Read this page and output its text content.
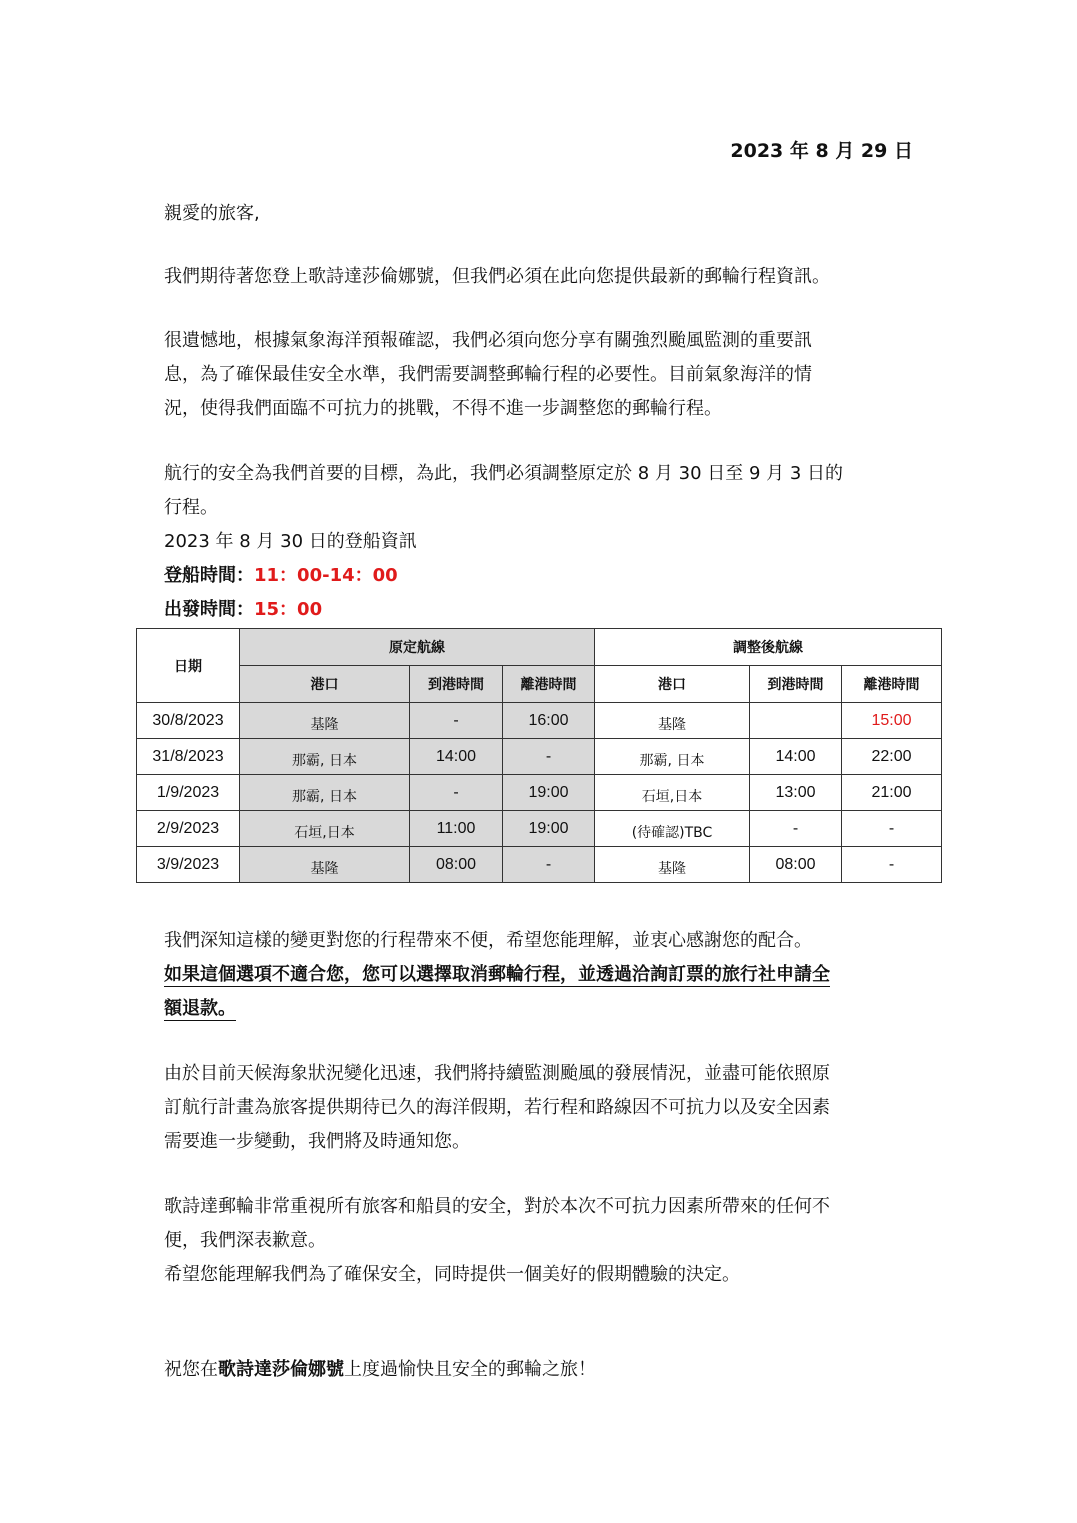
2023 年 8 月 29 日
親愛的旅客,
我們期待著您登上歌詩達莎倫娜號，但我們必須在此向您提供最新的郵輪行程資訊。
很遺憾地，根據氣象海洋預報確認，我們必須向您分享有關強烈颱風監測的重要訊
息，為了確保最佳安全水準，我們需要調整郵輪行程的必要性。目前氣象海洋的情
況，使得我們面臨不可抗力的挑戰，不得不進一步調整您的郵輪行程。
航行的安全為我們首要的目標，為此，我們必須調整原定於 8 月 30 日至 9 月 3 日的
行程。
2023 年 8 月 30 日的登船資訊
登船時間：11：00-14：00
出發時間：15：00
日期	原定航線			調整後航線		
	港口	到港時間	離港時間	港口	到港時間	離港時間
30/8/2023	基隆	-	16:00	基隆		15:00
31/8/2023	那霸, 日本	14:00	-	那霸, 日本	14:00	22:00
1/9/2023	那霸, 日本	-	19:00	石垣,日本	13:00	21:00
2/9/2023	石垣,日本	11:00	19:00	(待確認)TBC	-	-
3/9/2023	基隆	08:00	-	基隆	08:00	-
我們深知這樣的變更對您的行程帶來不便，希望您能理解，並衷心感謝您的配合。
如果這個選項不適合您，您可以選擇取消郵輪行程，並透過洽詢訂票的旅行社申請全
額退款。
由於目前天候海象狀況變化迅速，我們將持續監測颱風的發展情況，並盡可能依照原
訂航行計畫為旅客提供期待已久的海洋假期，若行程和路線因不可抗力以及安全因素
需要進一步變動，我們將及時通知您。
歌詩達郵輪非常重視所有旅客和船員的安全，對於本次不可抗力因素所帶來的任何不
便，我們深表歉意。
希望您能理解我們為了確保安全，同時提供一個美好的假期體驗的決定。
祝您在歌詩達莎倫娜號上度過愉快且安全的郵輪之旅！
